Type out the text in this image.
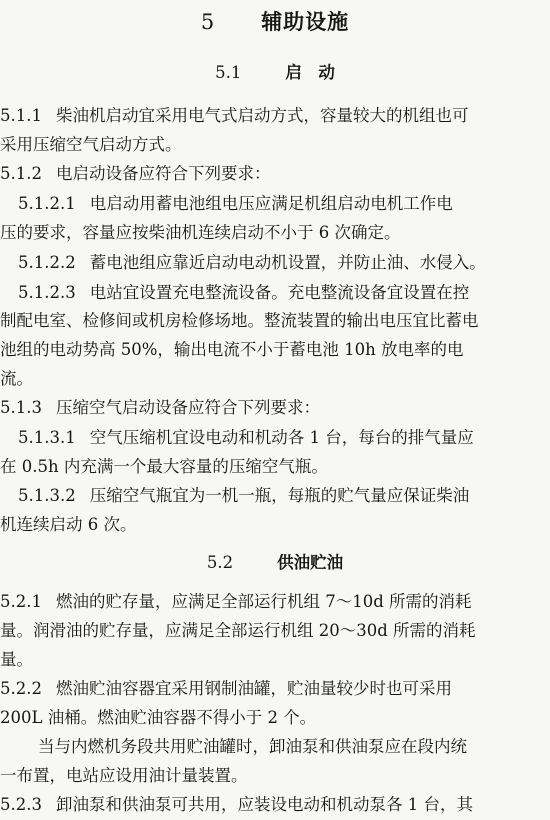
5 辅助设施
5.1	启　动
5.1.1 柴油机启动宜采用电气式启动方式，容量较大的机组也可
采用压缩空气启动方式。
5.1.2 电启动设备应符合下列要求：
5.1.2.1 电启动用蓄电池组电压应满足机组启动电机工作电
压的要求，容量应按柴油机连续启动不小于 6 次确定。
5.1.2.2 蓄电池组应靠近启动电动机设置，并防止油、水侵入。
5.1.2.3 电站宜设置充电整流设备。充电整流设备宜设置在控
制配电室、检修间或机房检修场地。整流装置的输出电压宜比蓄电
池组的电动势高 50%，输出电流不小于蓄电池 10h 放电率的电
流。
5.1.3 压缩空气启动设备应符合下列要求：
5.1.3.1 空气压缩机宜设电动和机动各 1 台，每台的排气量应
在 0.5h 内充满一个最大容量的压缩空气瓶。
5.1.3.2 压缩空气瓶宜为一机一瓶，每瓶的贮气量应保证柴油
机连续启动 6 次。
5.2	供油贮油
5.2.1 燃油的贮存量，应满足全部运行机组 7～10d 所需的消耗
量。润滑油的贮存量，应满足全部运行机组 20～30d 所需的消耗
量。
5.2.2 燃油贮油容器宜采用钢制油罐，贮油量较少时也可采用
200L 油桶。燃油贮油容器不得小于 2 个。
当与内燃机务段共用贮油罐时，卸油泵和供油泵应在段内统
一布置，电站应设用油计量装置。
5.2.3 卸油泵和供油泵可共用，应装设电动和机动泵各 1 台，其
